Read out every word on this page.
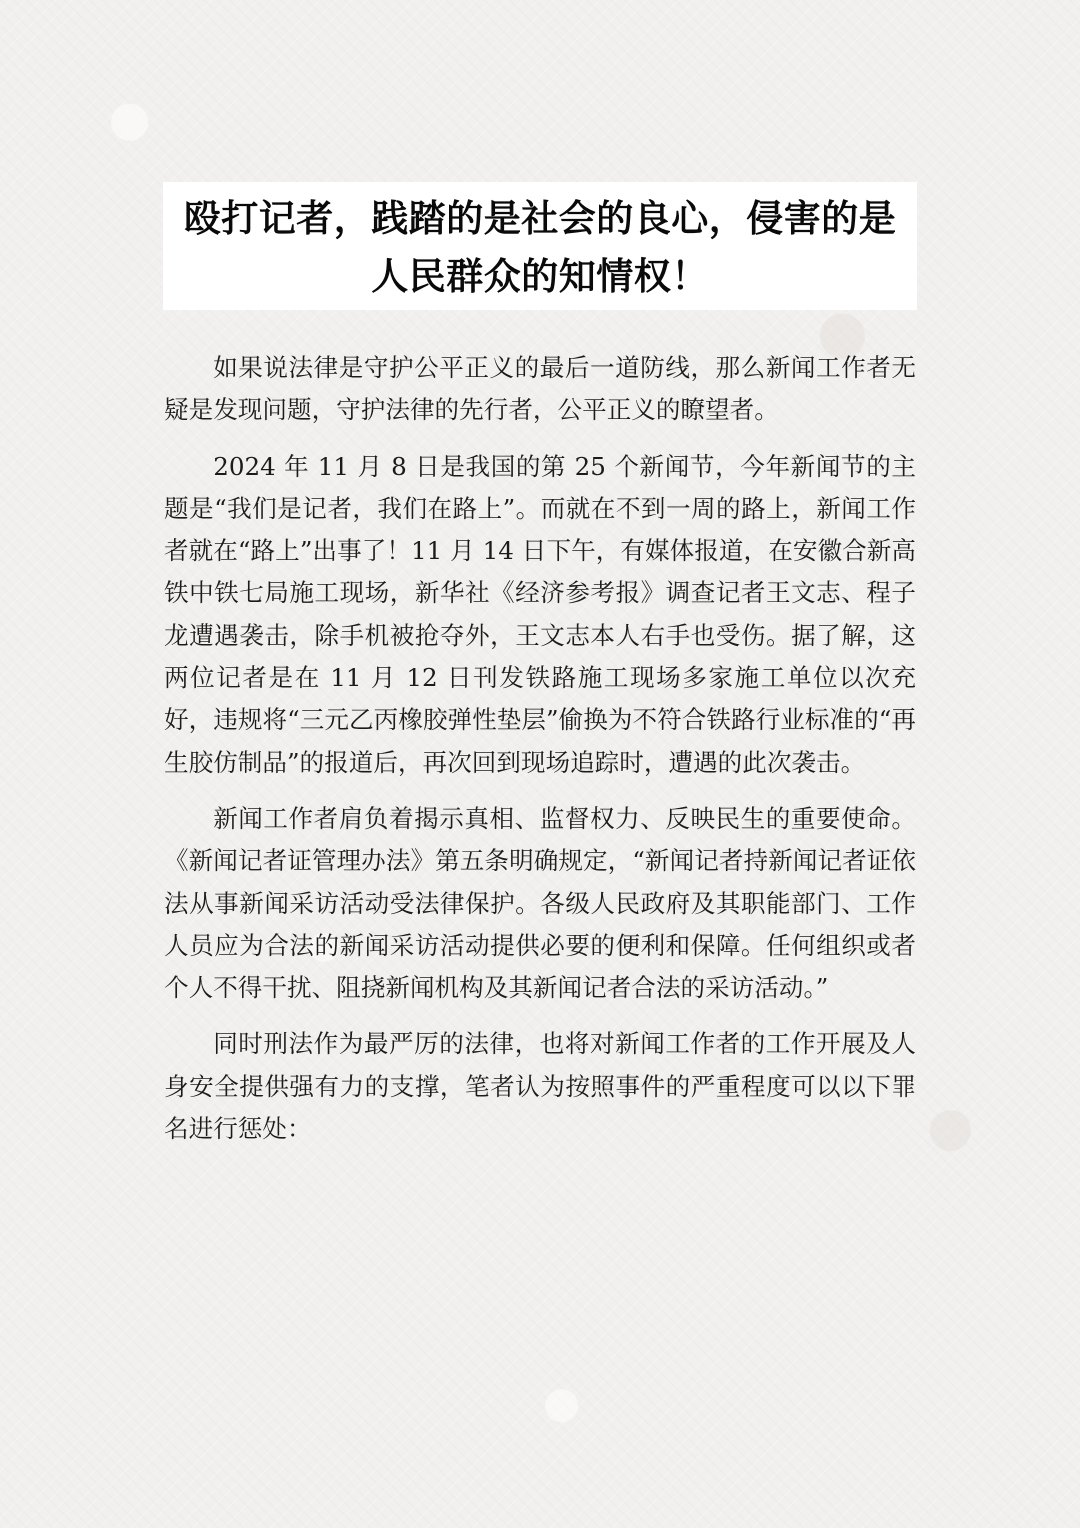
殴打记者，践踏的是社会的良心，侵害的是
人民群众的知情权！

如果说法律是守护公平正义的最后一道防线，那么新闻工作者无疑是发现问题，守护法律的先行者，公平正义的瞭望者。

2024 年 11 月 8 日是我国的第 25 个新闻节，今年新闻节的主题是“我们是记者，我们在路上”。而就在不到一周的路上，新闻工作者就在“路上”出事了！11 月 14 日下午，有媒体报道，在安徽合新高铁中铁七局施工现场，新华社《经济参考报》调查记者王文志、程子龙遭遇袭击，除手机被抢夺外，王文志本人右手也受伤。据了解，这两位记者是在 11 月 12 日刊发铁路施工现场多家施工单位以次充好，违规将“三元乙丙橡胶弹性垫层”偷换为不符合铁路行业标准的“再生胶仿制品”的报道后，再次回到现场追踪时，遭遇的此次袭击。

新闻工作者肩负着揭示真相、监督权力、反映民生的重要使命。《新闻记者证管理办法》第五条明确规定，“新闻记者持新闻记者证依法从事新闻采访活动受法律保护。各级人民政府及其职能部门、工作人员应为合法的新闻采访活动提供必要的便利和保障。任何组织或者个人不得干扰、阻挠新闻机构及其新闻记者合法的采访活动。”

同时刑法作为最严厉的法律，也将对新闻工作者的工作开展及人身安全提供强有力的支撑，笔者认为按照事件的严重程度可以以下罪名进行惩处：
